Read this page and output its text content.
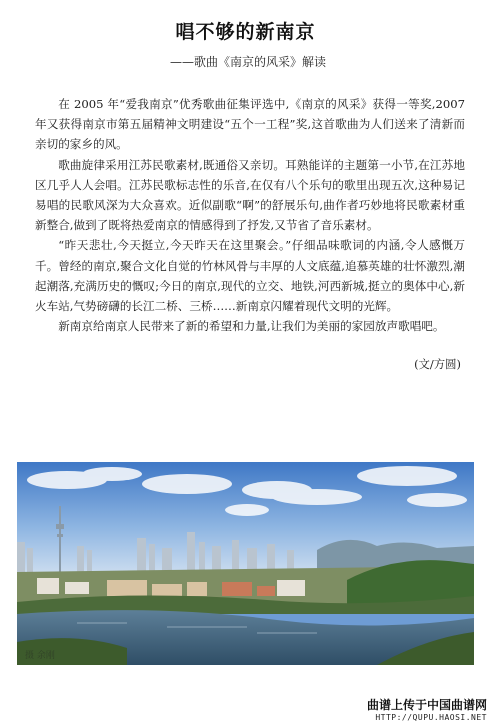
唱不够的新南京
——歌曲《南京的风采》解读

在 2005 年“爱我南京”优秀歌曲征集评选中,《南京的风采》获得一等奖,2007 年又获得南京市第五届精神文明建设“五个一工程”奖,这首歌曲为人们送来了清新而亲切的家乡的风。

歌曲旋律采用江苏民歌素材,既通俗又亲切。耳熟能详的主题第一小节,在江苏地区几乎人人会唱。江苏民歌标志性的乐音,在仅有八个乐句的歌里出现五次,这种易记易唱的民歌风深为大众喜欢。近似副歌“啊”的舒展乐句,曲作者巧妙地将民歌素材重新整合,做到了既将热爱南京的情感得到了抒发,又节省了音乐素材。

“昨天悲壮,今天挺立,今天昨天在这里聚会。”仔细品味歌词的内涵,令人感慨万千。曾经的南京,聚合文化自觉的竹林风骨与丰厚的人文底蕴,追慕英雄的壮怀激烈,潮起潮落,充满历史的慨叹;今日的南京,现代的立交、地铁,河西新城,挺立的奥体中心,新火车站,气势磅礴的长江二桥、三桥……新南京闪耀着现代文明的光辉。

新南京给南京人民带来了新的希望和力量,让我们为美丽的家园放声歌唱吧。

(文/方圆)
摄 余刚
曲谱上传于中国曲谱网
HTTP://QUPU.HAOSI.NET
